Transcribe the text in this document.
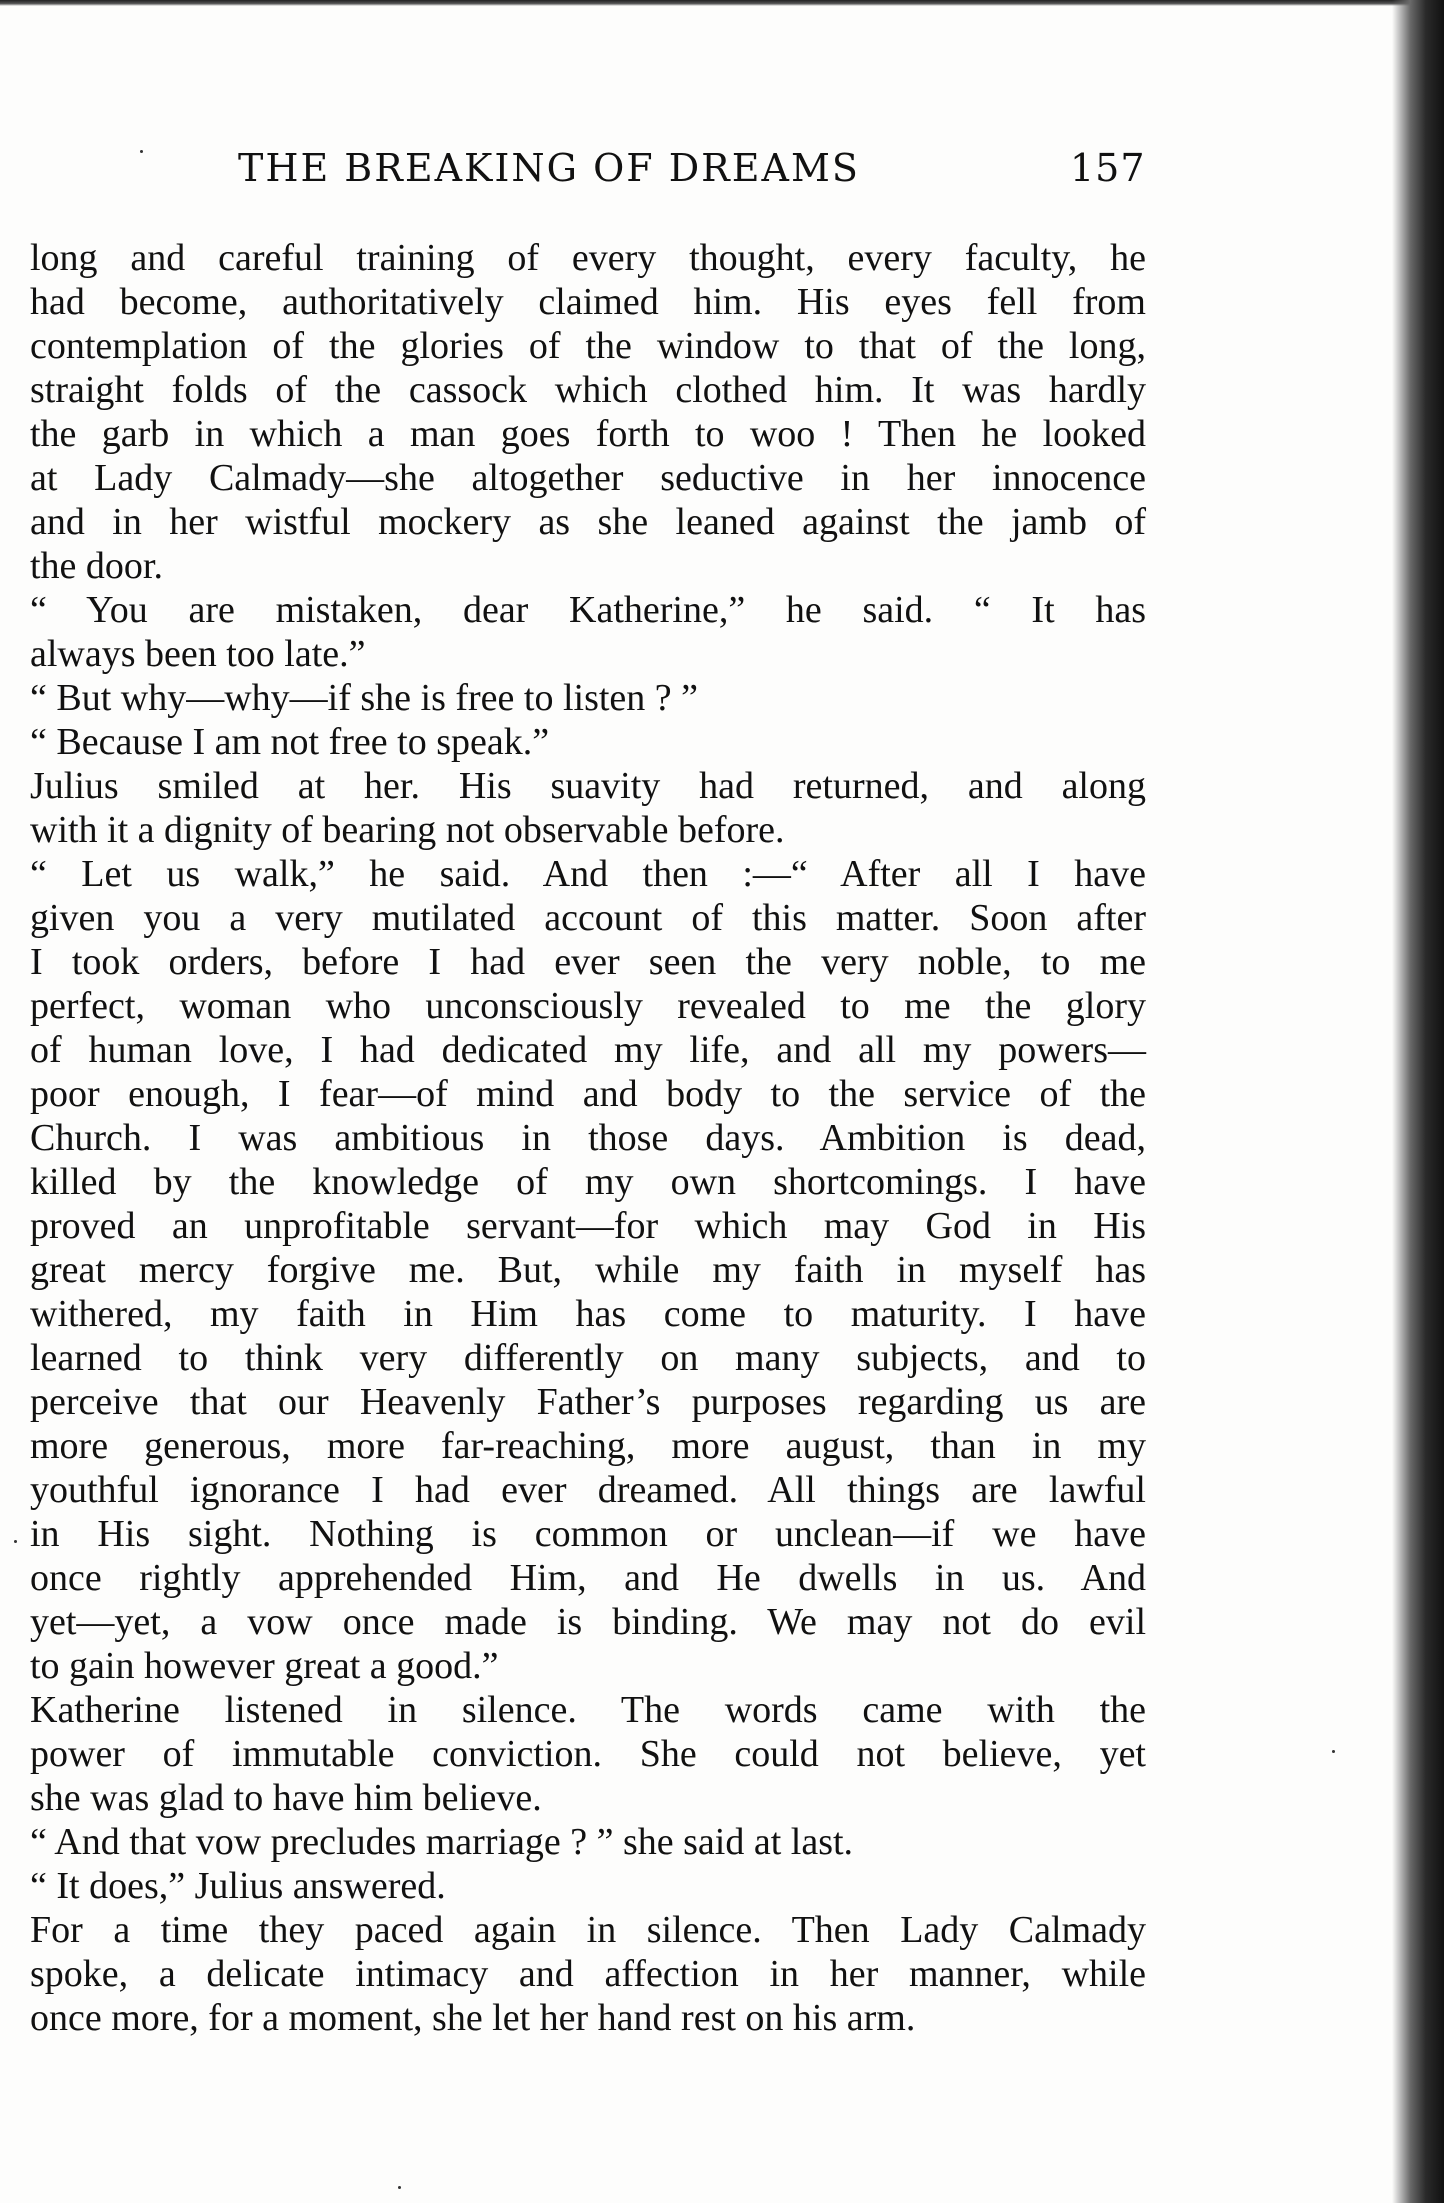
THE BREAKING OF DREAMS	157
long and careful training of every thought, every faculty, he
had become, authoritatively claimed him. His eyes fell from
contemplation of the glories of the window to that of the long,
straight folds of the cassock which clothed him. It was hardly
the garb in which a man goes forth to woo ! Then he looked
at Lady Calmady—she altogether seductive in her innocence
and in her wistful mockery as she leaned against the jamb of
the door.
“ You are mistaken, dear Katherine,” he said. “ It has
always been too late.”
“ But why—why—if she is free to listen ? ”
“ Because I am not free to speak.”
Julius smiled at her. His suavity had returned, and along
with it a dignity of bearing not observable before.
“ Let us walk,” he said. And then :—“ After all I have
given you a very mutilated account of this matter. Soon after
I took orders, before I had ever seen the very noble, to me
perfect, woman who unconsciously revealed to me the glory
of human love, I had dedicated my life, and all my powers—
poor enough, I fear—of mind and body to the service of the
Church. I was ambitious in those days. Ambition is dead,
killed by the knowledge of my own shortcomings. I have
proved an unprofitable servant—for which may God in His
great mercy forgive me. But, while my faith in myself has
withered, my faith in Him has come to maturity. I have
learned to think very differently on many subjects, and to
perceive that our Heavenly Father’s purposes regarding us are
more generous, more far-reaching, more august, than in my
youthful ignorance I had ever dreamed. All things are lawful
in His sight. Nothing is common or unclean—if we have
once rightly apprehended Him, and He dwells in us. And
yet—yet, a vow once made is binding. We may not do evil
to gain however great a good.”
Katherine listened in silence. The words came with the
power of immutable conviction. She could not believe, yet
she was glad to have him believe.
“ And that vow precludes marriage ? ” she said at last.
“ It does,” Julius answered.
For a time they paced again in silence. Then Lady Calmady
spoke, a delicate intimacy and affection in her manner, while
once more, for a moment, she let her hand rest on his arm.
